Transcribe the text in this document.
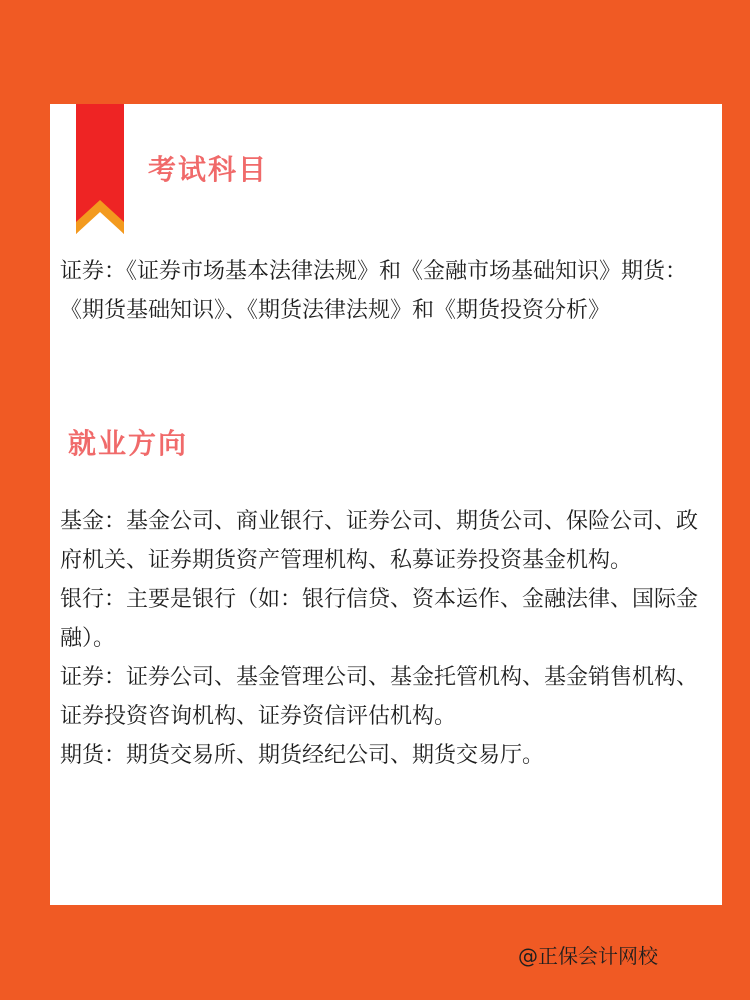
考试科目

证券：《证券市场基本法律法规》和《金融市场基础知识》期货：《期货基础知识》、《期货法律法规》和《期货投资分析》

就业方向

基金：基金公司、商业银行、证券公司、期货公司、保险公司、政府机关、证券期货资产管理机构、私募证券投资基金机构。

银行：主要是银行（如：银行信贷、资本运作、金融法律、国际金融）。

证券：证券公司、基金管理公司、基金托管机构、基金销售机构、证券投资咨询机构、证券资信评估机构。

期货：期货交易所、期货经纪公司、期货交易厅。

@正保会计网校
